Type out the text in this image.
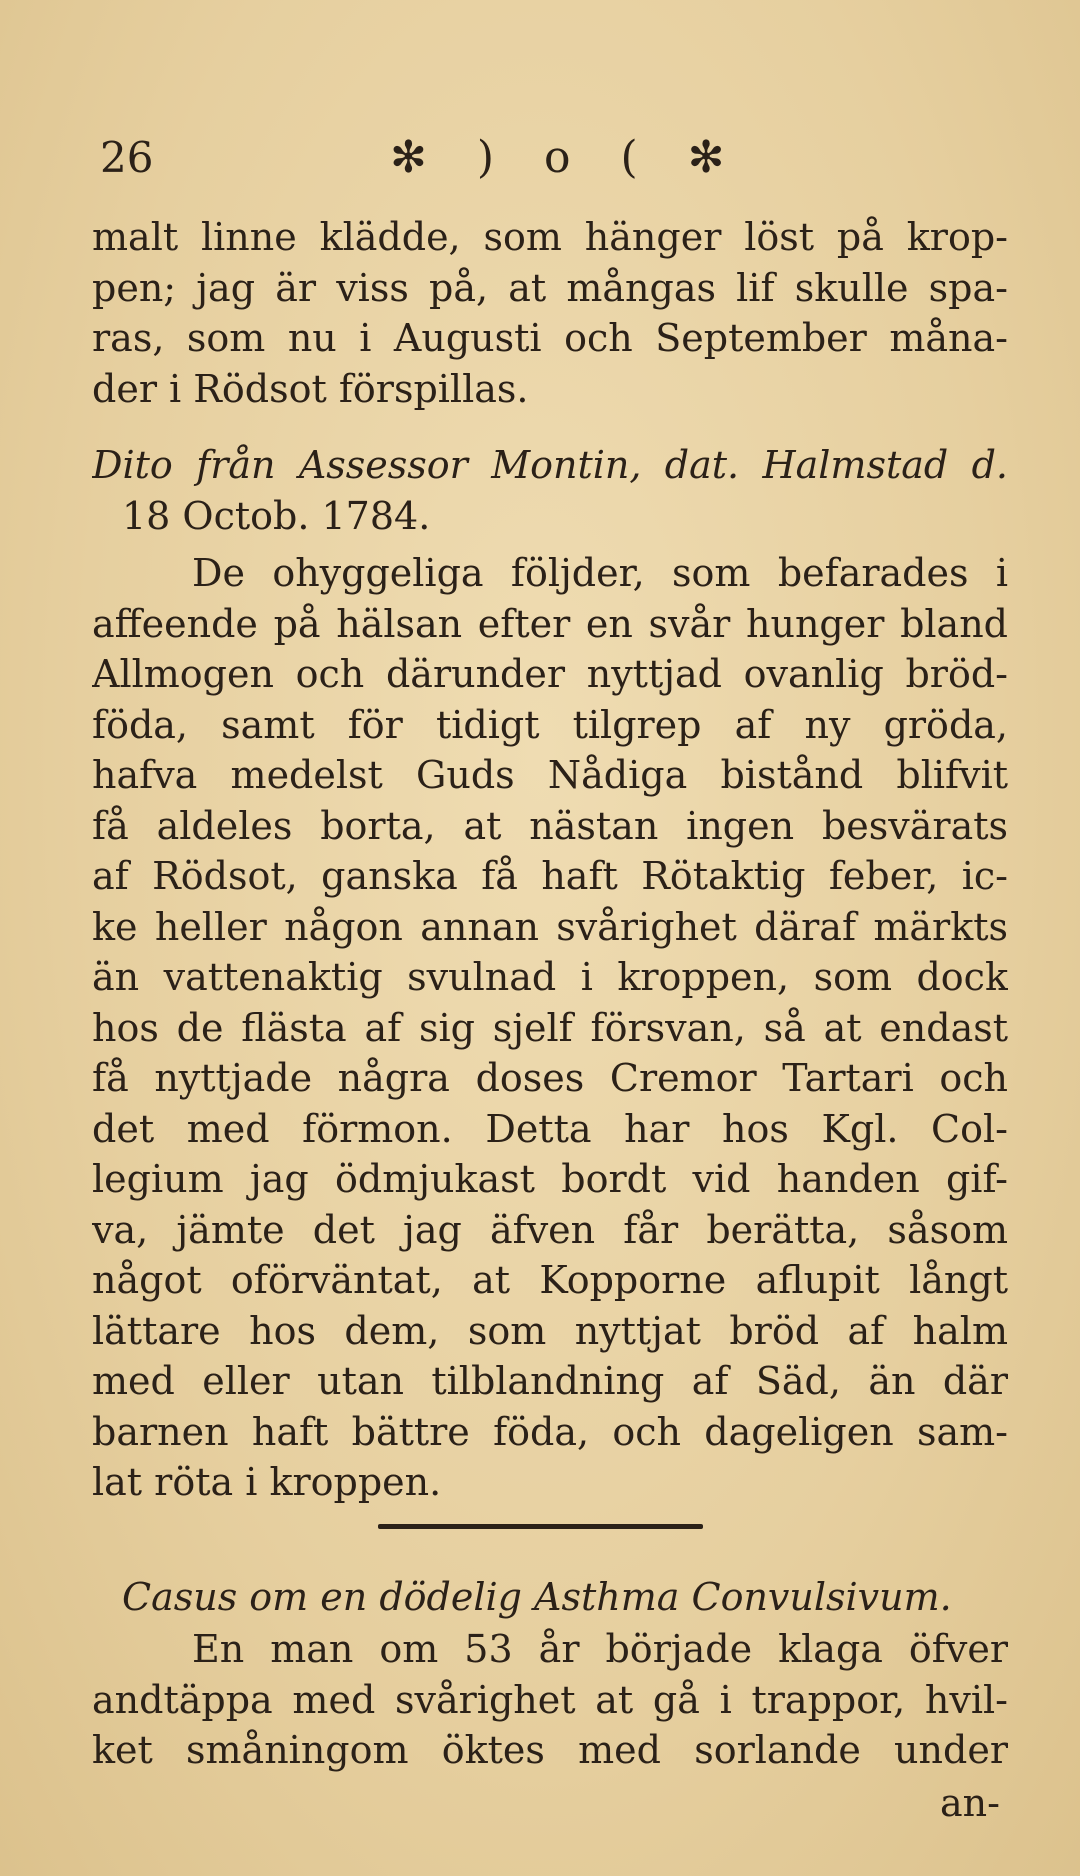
26	✻ ) o ( ✻
malt linne klädde, som hänger löst på krop-
pen; jag är viss på, at mångas lif skulle spa-
ras, som nu i Augusti och September måna-
der i Rödsot förspillas.
Dito från Assessor Montin, dat. Halmstad d.
18 Octob. 1784.
De ohyggeliga följder, som befarades i
affeende på hälsan efter en svår hunger bland
Allmogen och därunder nyttjad ovanlig bröd-
föda, samt för tidigt tilgrep af ny gröda,
hafva medelst Guds Nådiga bistånd blifvit
få aldeles borta, at nästan ingen besvärats
af Rödsot, ganska få haft Rötaktig feber, ic-
ke heller någon annan svårighet däraf märkts
än vattenaktig svulnad i kroppen, som dock
hos de flästa af sig sjelf försvan, så at endast
få nyttjade några doses Cremor Tartari och
det med förmon. Detta har hos Kgl. Col-
legium jag ödmjukast bordt vid handen gif-
va, jämte det jag äfven får berätta, såsom
något oförväntat, at Kopporne aflupit långt
lättare hos dem, som nyttjat bröd af halm
med eller utan tilblandning af Säd, än där
barnen haft bättre föda, och dageligen sam-
lat röta i kroppen.
Casus om en dödelig Asthma Convulsivum.
En man om 53 år började klaga öfver
andtäppa med svårighet at gå i trappor, hvil-
ket småningom öktes med sorlande under
an-
